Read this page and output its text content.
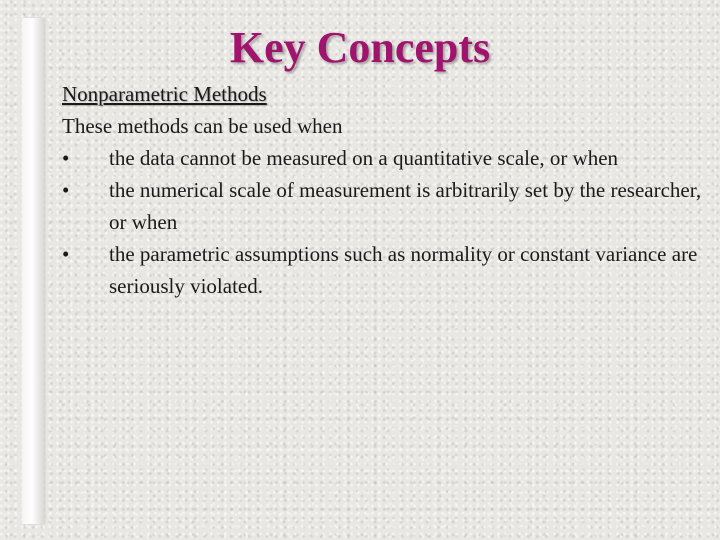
Key Concepts
Nonparametric Methods
These methods can be used when
•	the data cannot be measured on a quantitative scale, or when
•	the numerical scale of measurement is arbitrarily set by the researcher, or when
•	the parametric assumptions such as normality or constant variance are seriously violated.
